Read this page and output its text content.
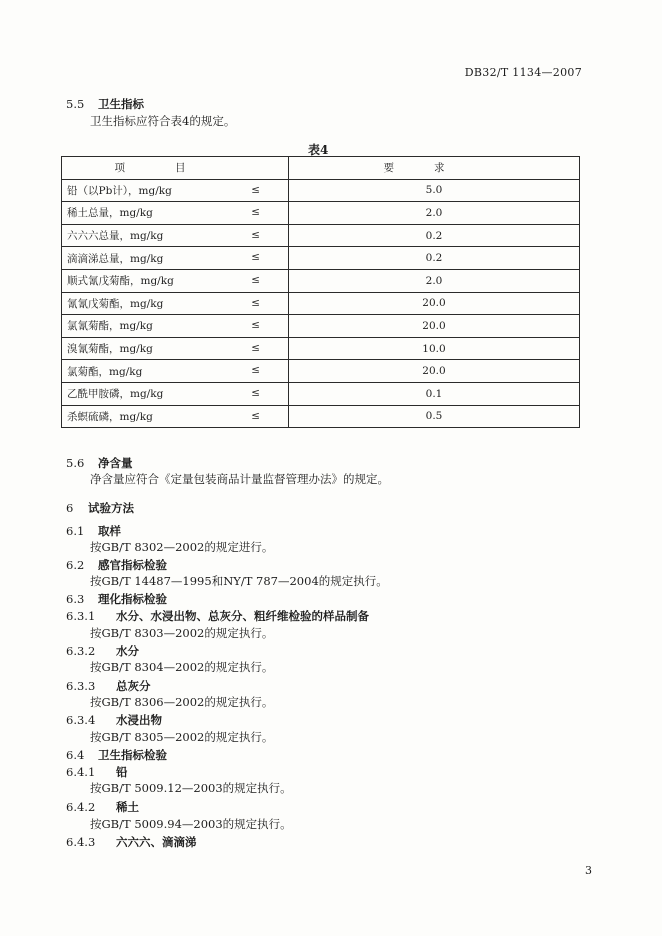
DB32/T 1134—2007
5.5 卫生指标
卫生指标应符合表4的规定。
表4
项目	要求
铅（以Pb计），mg/kg ≤	5.0
稀土总量，mg/kg ≤	2.0
六六六总量，mg/kg ≤	0.2
滴滴涕总量，mg/kg ≤	0.2
顺式氰戊菊酯，mg/kg ≤	2.0
氰氰戊菊酯，mg/kg ≤	20.0
氯氰菊酯，mg/kg ≤	20.0
溴氰菊酯，mg/kg ≤	10.0
氯菊酯，mg/kg ≤	20.0
乙酰甲胺磷，mg/kg ≤	0.1
杀螟硫磷，mg/kg ≤	0.5
5.6 净含量
净含量应符合《定量包装商品计量监督管理办法》的规定。
6 试验方法
6.1 取样
按GB/T 8302—2002的规定进行。
6.2 感官指标检验
按GB/T 14487—1995和NY/T 787—2004的规定执行。
6.3 理化指标检验
6.3.1 水分、水浸出物、总灰分、粗纤维检验的样品制备
按GB/T 8303—2002的规定执行。
6.3.2 水分
按GB/T 8304—2002的规定执行。
6.3.3 总灰分
按GB/T 8306—2002的规定执行。
6.3.4 水浸出物
按GB/T 8305—2002的规定执行。
6.4 卫生指标检验
6.4.1 铅
按GB/T 5009.12—2003的规定执行。
6.4.2 稀土
按GB/T 5009.94—2003的规定执行。
6.4.3 六六六、滴滴涕
3
